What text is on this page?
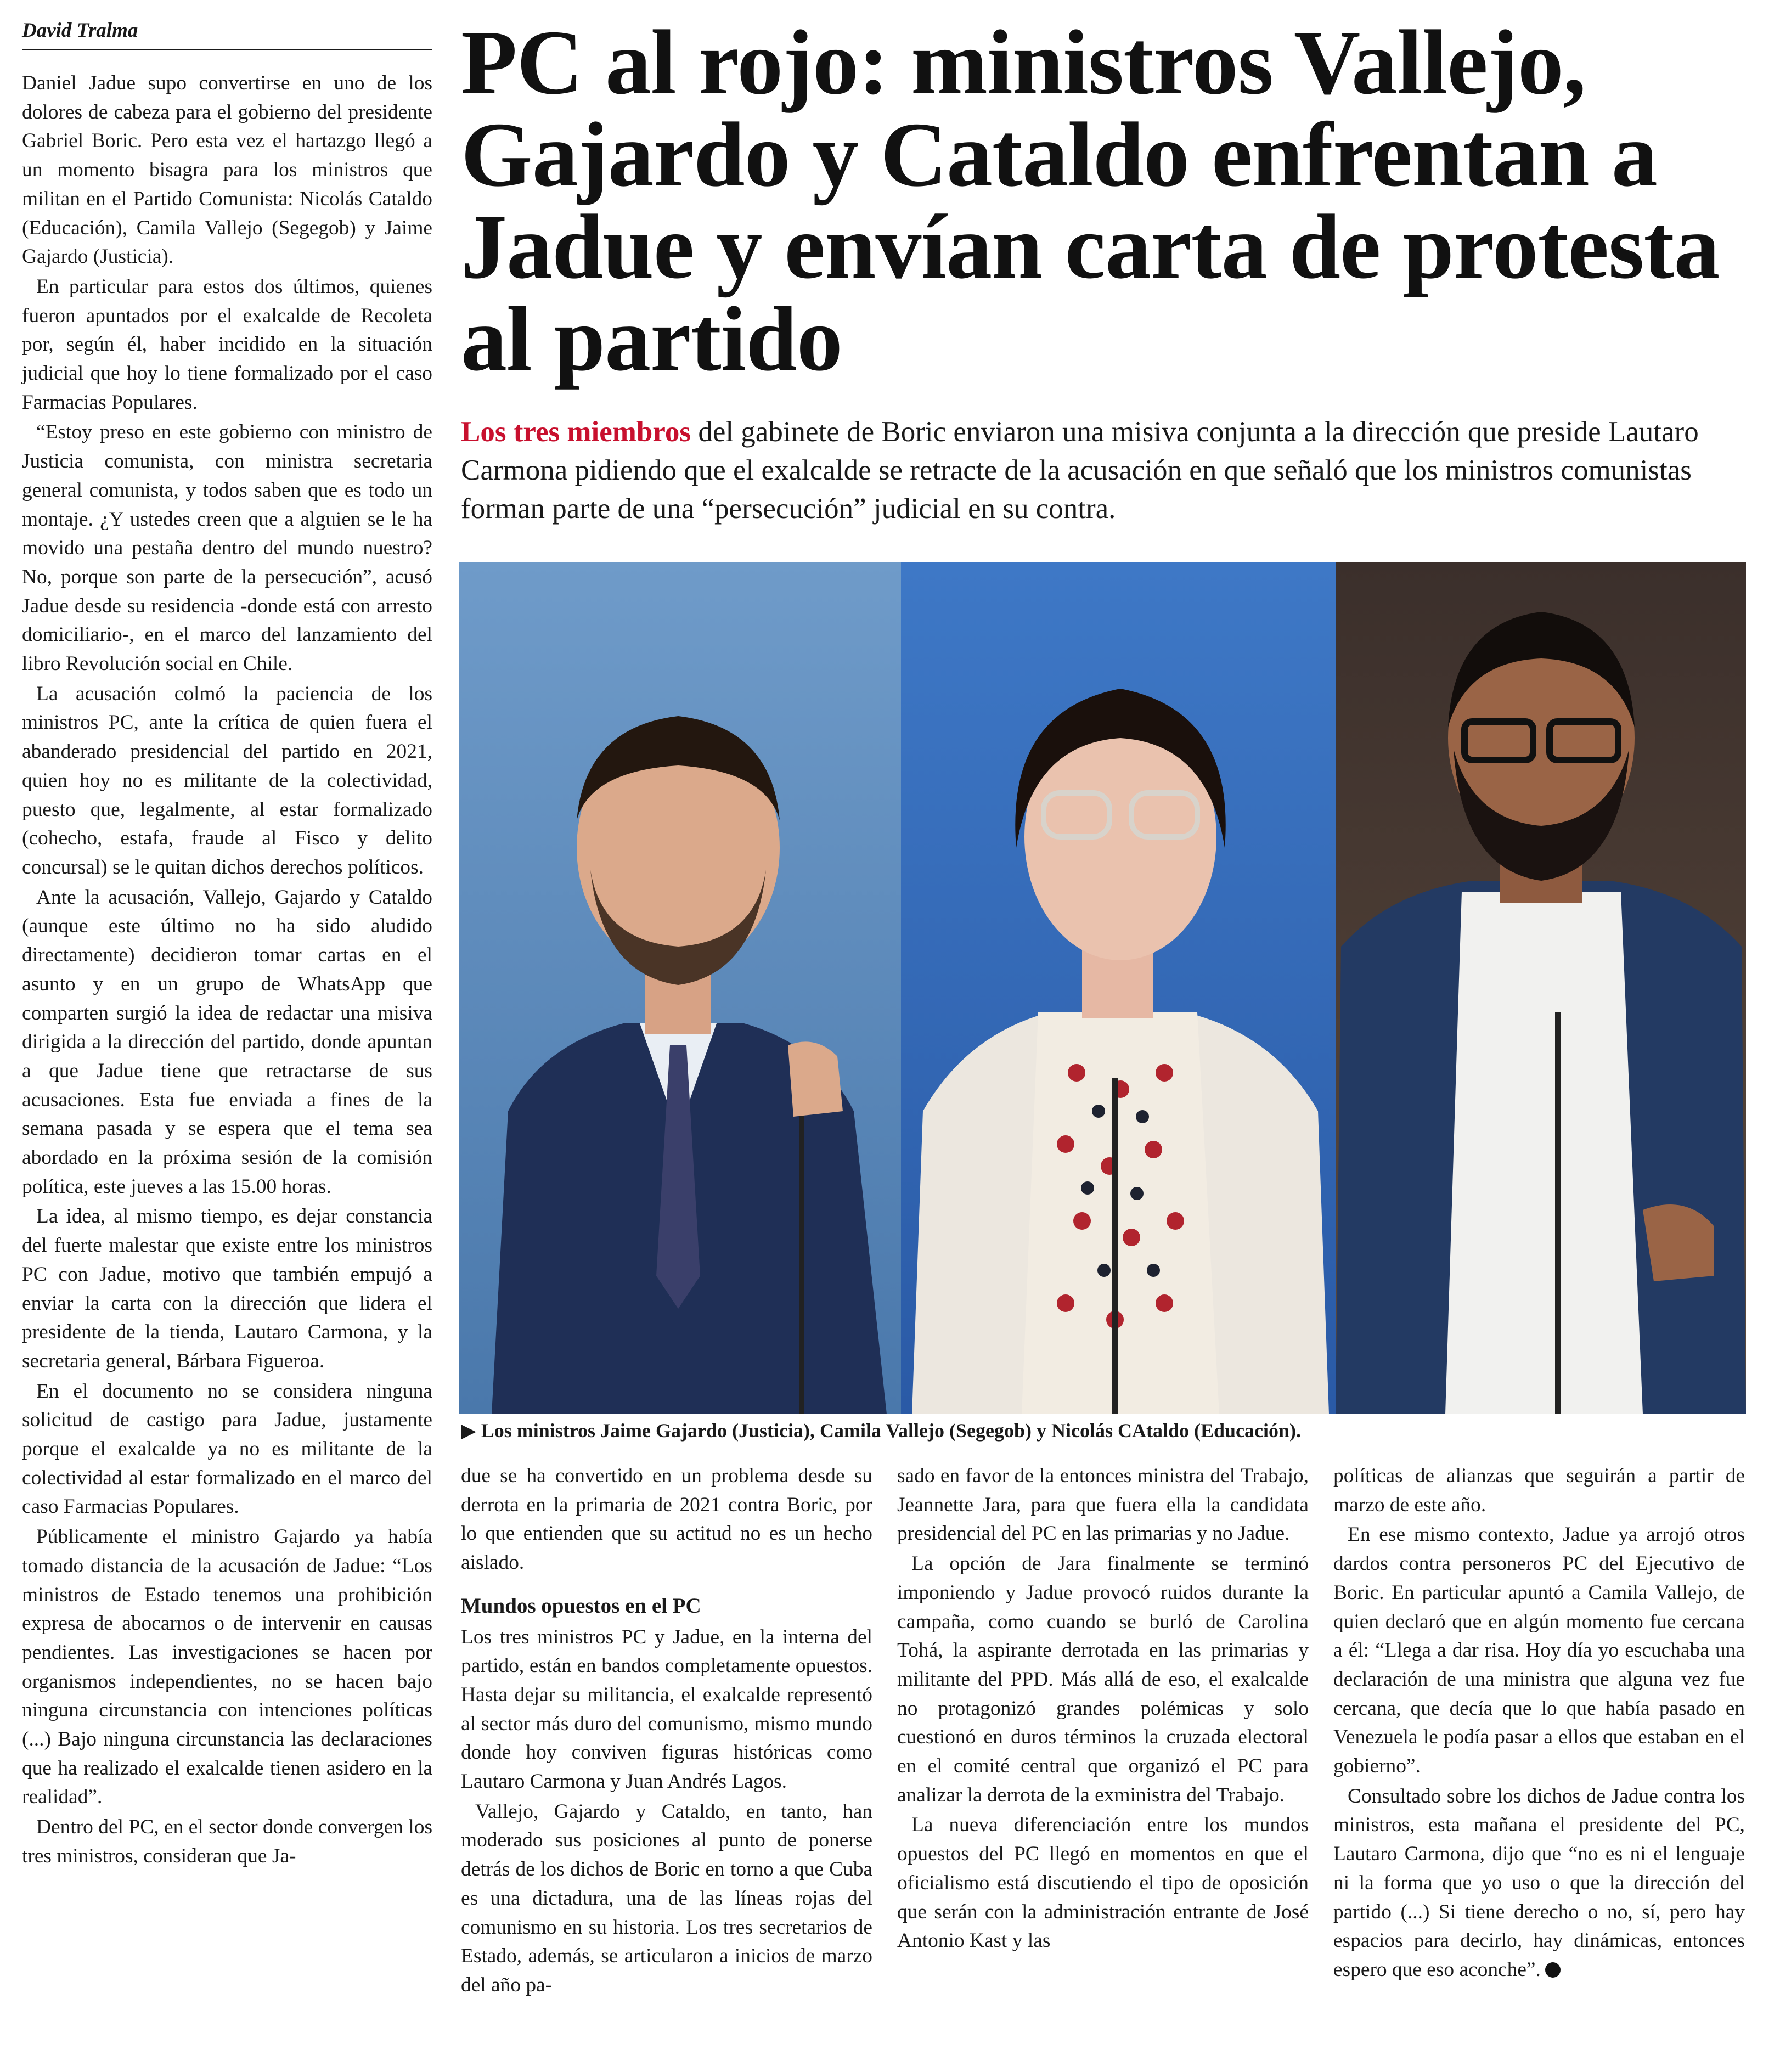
David Tralma

Daniel Jadue supo convertirse en uno de los dolores de cabeza para el gobierno del presidente Gabriel Boric. Pero esta vez el hartazgo llegó a un momento bisagra para los ministros que militan en el Partido Comunista: Nicolás Cataldo (Educación), Camila Vallejo (Segegob) y Jaime Gajardo (Justicia).

En particular para estos dos últimos, quienes fueron apuntados por el exalcalde de Recoleta por, según él, haber incidido en la situación judicial que hoy lo tiene formalizado por el caso Farmacias Populares.

“Estoy preso en este gobierno con ministro de Justicia comunista, con ministra secretaria general comunista, y todos saben que es todo un montaje. ¿Y ustedes creen que a alguien se le ha movido una pestaña dentro del mundo nuestro? No, porque son parte de la persecución”, acusó Jadue desde su residencia -donde está con arresto domiciliario-, en el marco del lanzamiento del libro Revolución social en Chile.

La acusación colmó la paciencia de los ministros PC, ante la crítica de quien fuera el abanderado presidencial del partido en 2021, quien hoy no es militante de la colectividad, puesto que, legalmente, al estar formalizado (cohecho, estafa, fraude al Fisco y delito concursal) se le quitan dichos derechos políticos.

Ante la acusación, Vallejo, Gajardo y Cataldo (aunque este último no ha sido aludido directamente) decidieron tomar cartas en el asunto y en un grupo de WhatsApp que comparten surgió la idea de redactar una misiva dirigida a la dirección del partido, donde apuntan a que Jadue tiene que retractarse de sus acusaciones. Esta fue enviada a fines de la semana pasada y se espera que el tema sea abordado en la próxima sesión de la comisión política, este jueves a las 15.00 horas.

La idea, al mismo tiempo, es dejar constancia del fuerte malestar que existe entre los ministros PC con Jadue, motivo que también empujó a enviar la carta con la dirección que lidera el presidente de la tienda, Lautaro Carmona, y la secretaria general, Bárbara Figueroa.

En el documento no se considera ninguna solicitud de castigo para Jadue, justamente porque el exalcalde ya no es militante de la colectividad al estar formalizado en el marco del caso Farmacias Populares.

Públicamente el ministro Gajardo ya había tomado distancia de la acusación de Jadue: “Los ministros de Estado tenemos una prohibición expresa de abocarnos o de intervenir en causas pendientes. Las investigaciones se hacen por organismos independientes, no se hacen bajo ninguna circunstancia con intenciones políticas (...) Bajo ninguna circunstancia las declaraciones que ha realizado el exalcalde tienen asidero en la realidad”.

Dentro del PC, en el sector donde convergen los tres ministros, consideran que Ja-

PC al rojo: ministros Vallejo, Gajardo y Cataldo enfrentan a Jadue y envían carta de protesta al partido

Los tres miembros del gabinete de Boric enviaron una misiva conjunta a la dirección que preside Lautaro Carmona pidiendo que el exalcalde se retracte de la acusación en que señaló que los ministros comunistas forman parte de una “persecución” judicial en su contra.

▶ Los ministros Jaime Gajardo (Justicia), Camila Vallejo (Segegob) y Nicolás CAtaldo (Educación).

due se ha convertido en un problema desde su derrota en la primaria de 2021 contra Boric, por lo que entienden que su actitud no es un hecho aislado.

Mundos opuestos en el PC

Los tres ministros PC y Jadue, en la interna del partido, están en bandos completamente opuestos. Hasta dejar su militancia, el exalcalde representó al sector más duro del comunismo, mismo mundo donde hoy conviven figuras históricas como Lautaro Carmona y Juan Andrés Lagos.

Vallejo, Gajardo y Cataldo, en tanto, han moderado sus posiciones al punto de ponerse detrás de los dichos de Boric en torno a que Cuba es una dictadura, una de las líneas rojas del comunismo en su historia. Los tres secretarios de Estado, además, se articularon a inicios de marzo del año pa-

sado en favor de la entonces ministra del Trabajo, Jeannette Jara, para que fuera ella la candidata presidencial del PC en las primarias y no Jadue.

La opción de Jara finalmente se terminó imponiendo y Jadue provocó ruidos durante la campaña, como cuando se burló de Carolina Tohá, la aspirante derrotada en las primarias y militante del PPD. Más allá de eso, el exalcalde no protagonizó grandes polémicas y solo cuestionó en duros términos la cruzada electoral en el comité central que organizó el PC para analizar la derrota de la exministra del Trabajo.

La nueva diferenciación entre los mundos opuestos del PC llegó en momentos en que el oficialismo está discutiendo el tipo de oposición que serán con la administración entrante de José Antonio Kast y las

políticas de alianzas que seguirán a partir de marzo de este año.

En ese mismo contexto, Jadue ya arrojó otros dardos contra personeros PC del Ejecutivo de Boric. En particular apuntó a Camila Vallejo, de quien declaró que en algún momento fue cercana a él: “Llega a dar risa. Hoy día yo escuchaba una declaración de una ministra que alguna vez fue cercana, que decía que lo que había pasado en Venezuela le podía pasar a ellos que estaban en el gobierno”.

Consultado sobre los dichos de Jadue contra los ministros, esta mañana el presidente del PC, Lautaro Carmona, dijo que “no es ni el lenguaje ni la forma que yo uso o que la dirección del partido (...) Si tiene derecho o no, sí, pero hay espacios para decirlo, hay dinámicas, entonces espero que eso aconche”.
